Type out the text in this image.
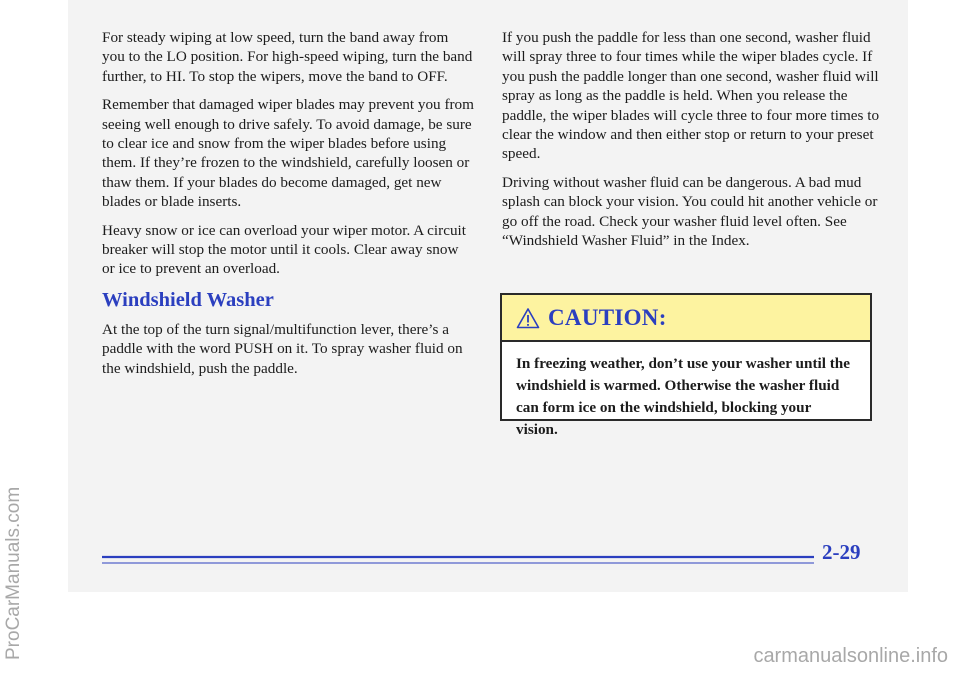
For steady wiping at low speed, turn the band away from you to the LO position. For high-speed wiping, turn the band further, to HI. To stop the wipers, move the band to OFF.

Remember that damaged wiper blades may prevent you from seeing well enough to drive safely. To avoid damage, be sure to clear ice and snow from the wiper blades before using them. If they’re frozen to the windshield, carefully loosen or thaw them. If your blades do become damaged, get new blades or blade inserts.

Heavy snow or ice can overload your wiper motor. A circuit breaker will stop the motor until it cools. Clear away snow or ice to prevent an overload.

Windshield Washer

At the top of the turn signal/multifunction lever, there’s a paddle with the word PUSH on it. To spray washer fluid on the windshield, push the paddle.

If you push the paddle for less than one second, washer fluid will spray three to four times while the wiper blades cycle. If you push the paddle longer than one second, washer fluid will spray as long as the paddle is held. When you release the paddle, the wiper blades will cycle three to four more times to clear the window and then either stop or return to your preset speed.

Driving without washer fluid can be dangerous. A bad mud splash can block your vision. You could hit another vehicle or go off the road. Check your washer fluid level often. See “Windshield Washer Fluid” in the Index.

CAUTION:
In freezing weather, don’t use your washer until the windshield is warmed. Otherwise the washer fluid can form ice on the windshield, blocking your vision.
2-29
ProCarManuals.com	carmanualsonline.info
